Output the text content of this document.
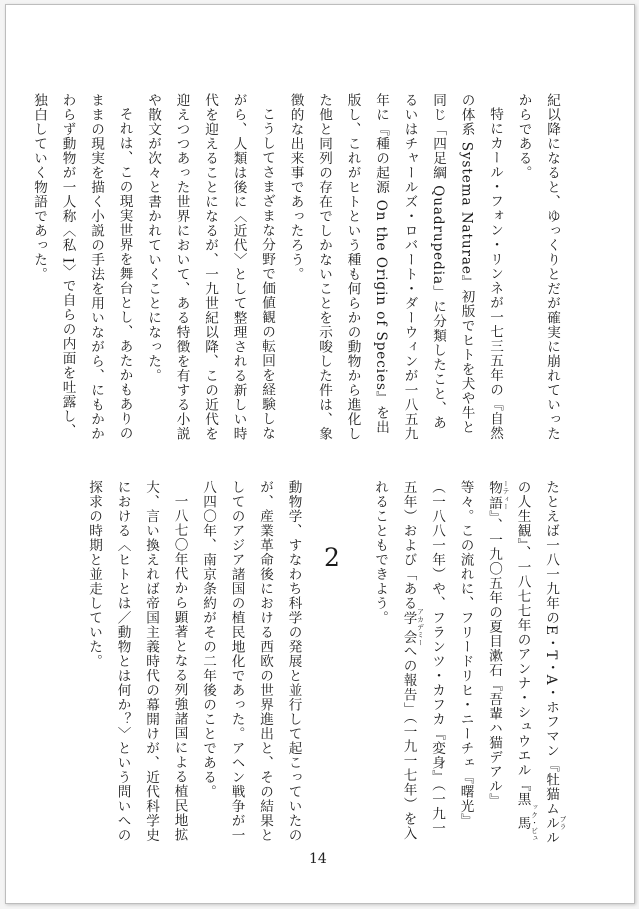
紀以降になると、ゆっくりとだが確実に崩れていったからである。

特にカール・フォン・リンネが一七三五年の『自然の体系 Systema Naturae』初版でヒトを犬や牛と同じ「四足綱 Quadrupedia」に分類したこと、あるいはチャールズ・ロバート・ダーウィンが一八五九年に『種の起源 On the Origin of Species』を出版し、これがヒトという種も何らかの動物から進化した他と同列の存在でしかないことを示唆した件は、象徴的な出来事であったろう。

こうしてさまざまな分野で価値観の転回を経験しながら、人類は後に〈近代〉として整理される新しい時代を迎えることになるが、一九世紀以降、この近代を迎えつつあった世界において、ある特徴を有する小説や散文が次々と書かれていくことになった。

それは、この現実世界を舞台とし、あたかもありのままの現実を描く小説の手法を用いながら、にもかかわらず動物が一人称〈私 I〉で自らの内面を吐露し、独白していく物語であった。

たとえば一八一九年のE・T・A・ホフマン『牡猫ムル ブラルの人生観』、一八七七年のアンナ・シュウエル『黒馬物語ック・ビューティー』、一九〇五年の夏目漱石『吾輩ハ猫デアル』等々。この流れに、フリードリヒ・ニーチェ『曙光』（一八八一年）や、フランツ・カフカ『変身』（一九一五年）および「ある学会 アカデミーへの報告」（一九一七年）を入れることもできよう。

動物学、すなわち科学の発展と並行して起こっていたのが、産業革命後における西欧の世界進出と、その結果としてのアジア諸国の植民地化であった。アヘン戦争が一八四〇年、南京条約がその二年後のことである。

一八七〇年代から顕著となる列強諸国による植民地拡大、言い換えれば帝国主義時代の幕開けが、近代科学史における〈ヒトとは／動物とは何か？〉という問いへの探求の時期と並走していた。	2
14
